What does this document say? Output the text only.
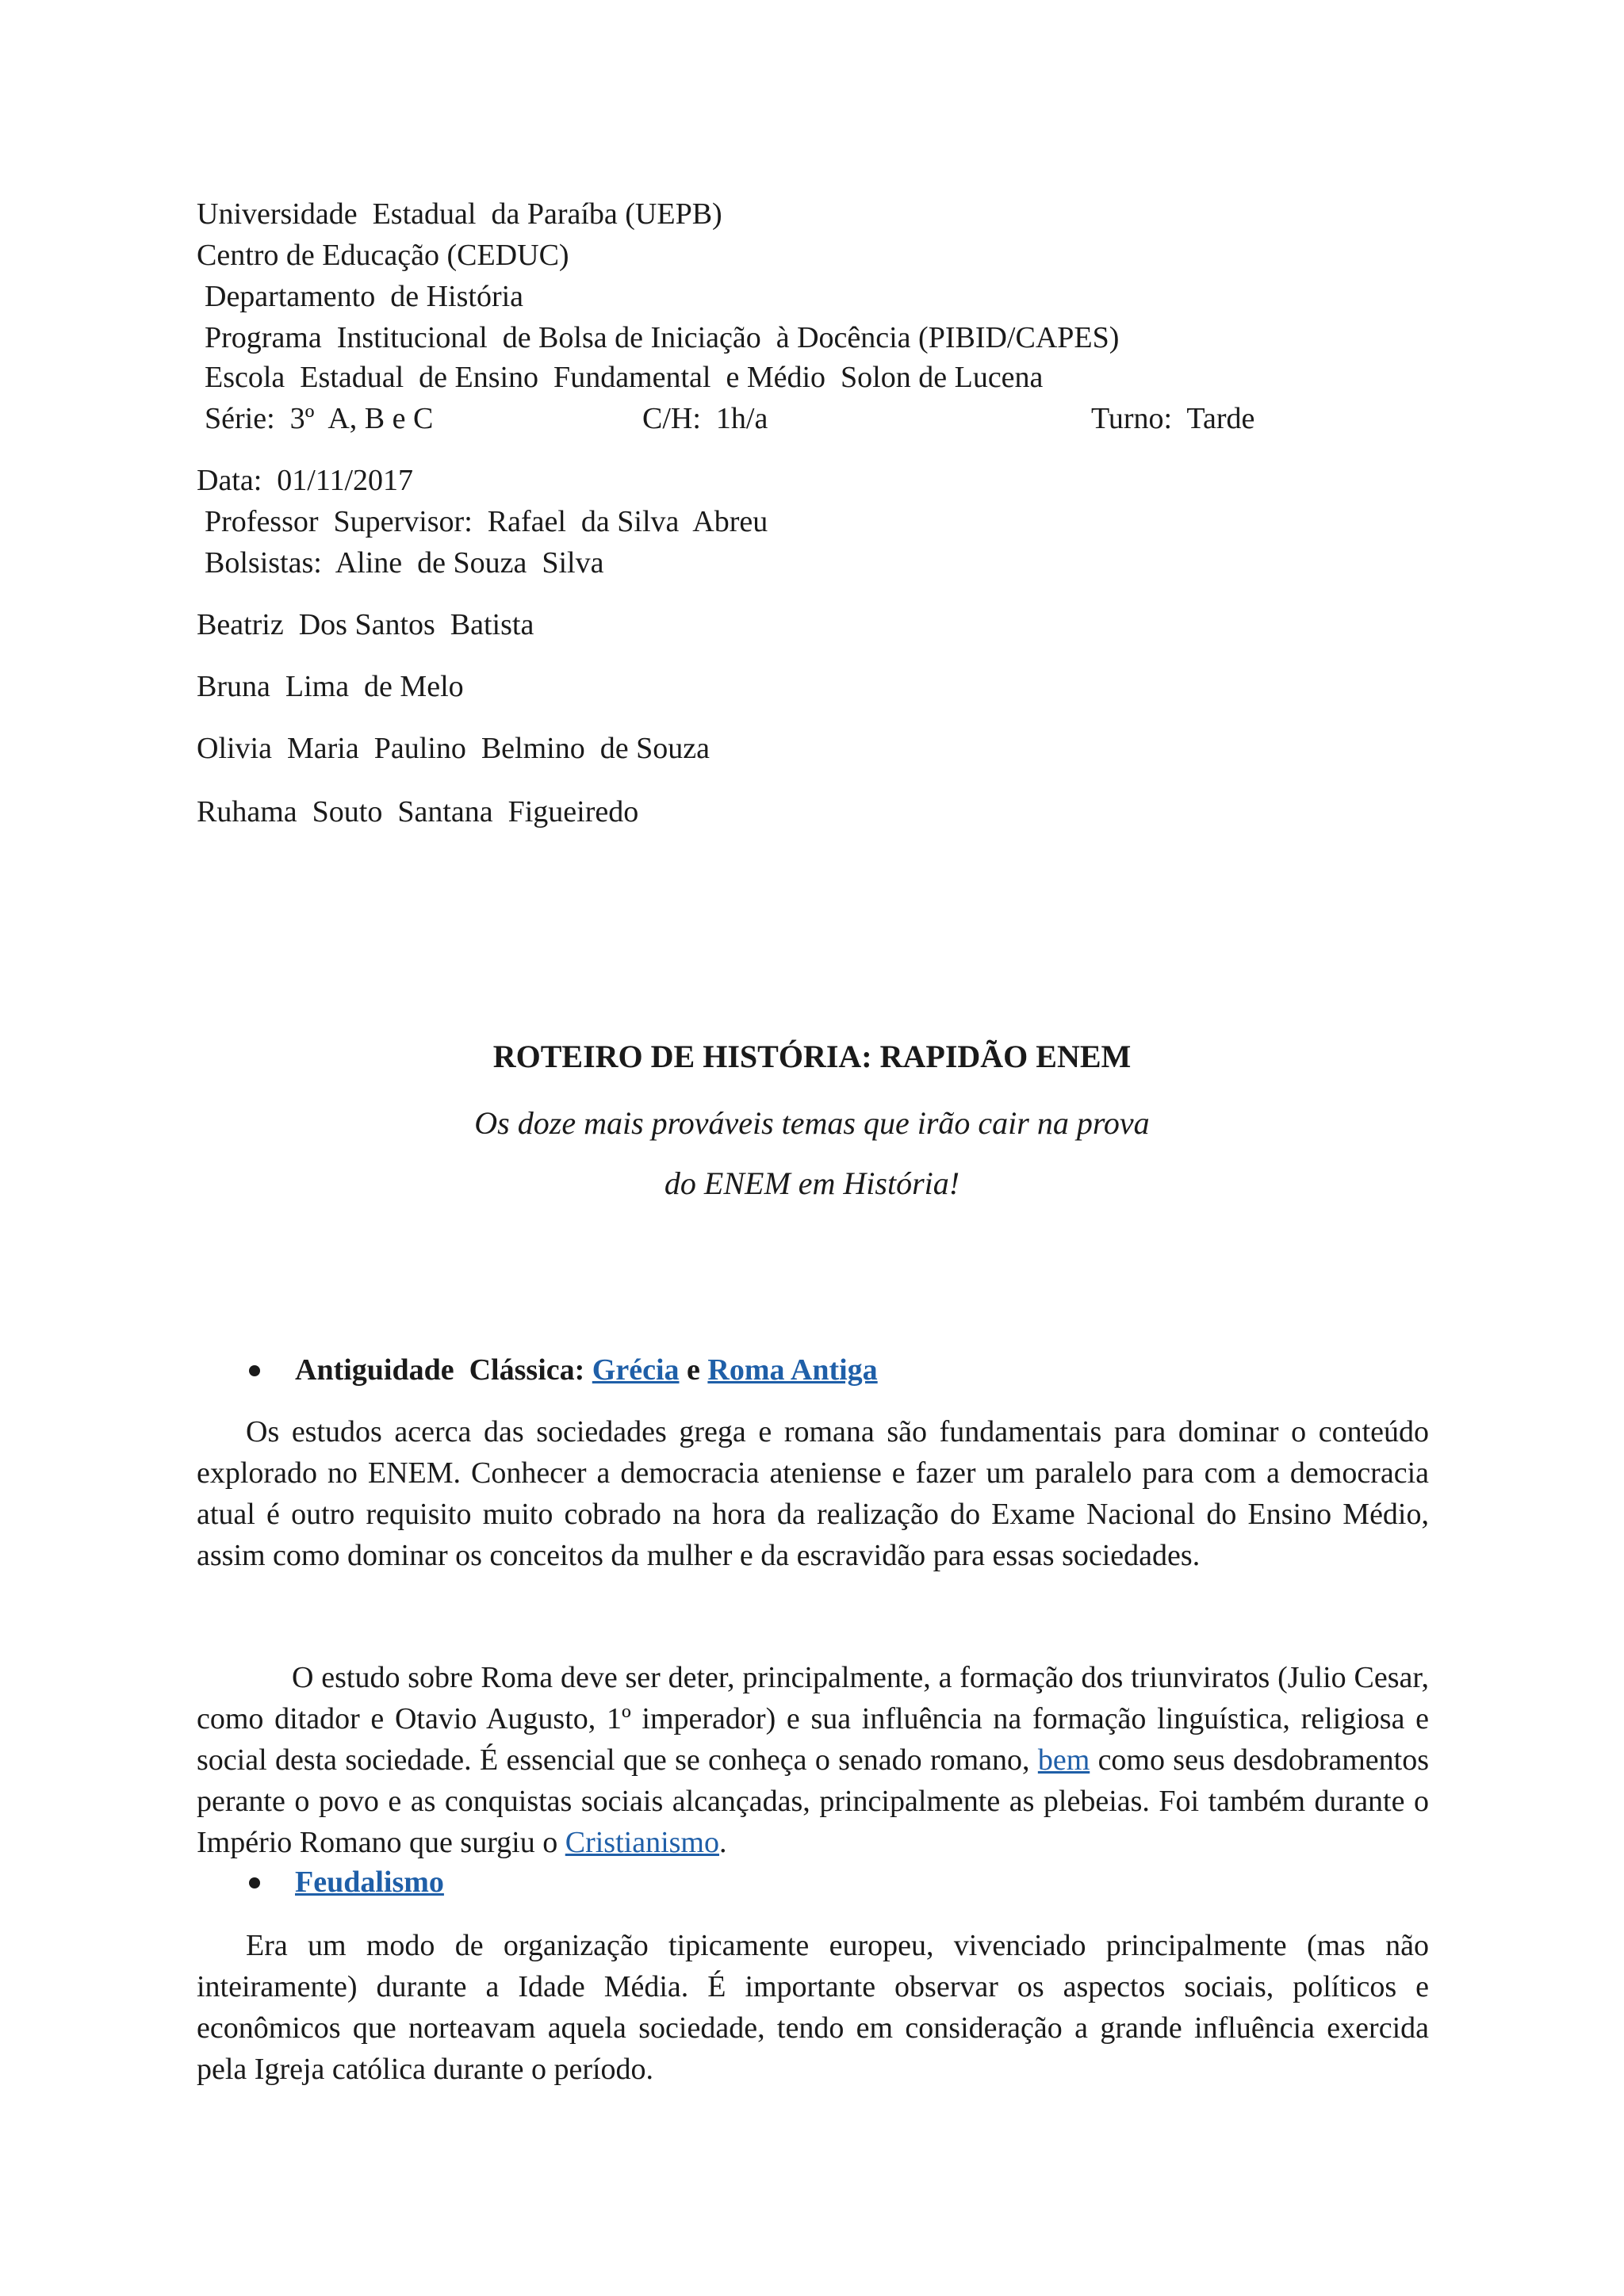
Universidade  Estadual  da Paraíba (UEPB)
Centro de Educação (CEDUC)
Departamento  de História
Programa  Institucional  de Bolsa de Iniciação  à Docência (PIBID/CAPES)
Escola  Estadual  de Ensino  Fundamental  e Médio  Solon de Lucena
Série:  3º  A, B e C	C/H:  1h/a	Turno:  Tarde
Data:  01/11/2017
Professor  Supervisor:  Rafael  da Silva  Abreu
Bolsistas:  Aline  de Souza  Silva
Beatriz  Dos Santos  Batista
Bruna  Lima  de Melo
Olivia  Maria  Paulino  Belmino  de Souza
Ruhama  Souto  Santana  Figueiredo
ROTEIRO DE HISTÓRIA: RAPIDÃO ENEM
Os doze mais prováveis temas que irão cair na prova
do ENEM em História!
Antiguidade  Clássica: Grécia e Roma Antiga
Os estudos acerca das sociedades grega e romana são fundamentais para dominar o conteúdo explorado no ENEM. Conhecer a democracia ateniense e fazer um paralelo para com a democracia atual é outro requisito muito cobrado na hora da realização do Exame Nacional do Ensino Médio, assim como dominar os conceitos da mulher e da escravidão para essas sociedades.
O estudo sobre Roma deve ser deter, principalmente, a formação dos triunviratos (Julio Cesar, como ditador e Otavio Augusto, 1º imperador) e sua influência na formação linguística, religiosa e social desta sociedade. É essencial que se conheça o senado romano, bem como seus desdobramentos perante o povo e as conquistas sociais alcançadas, principalmente as plebeias. Foi também durante o Império Romano que surgiu o Cristianismo.
Feudalismo
Era um modo de organização tipicamente europeu, vivenciado principalmente (mas não inteiramente) durante a Idade Média. É importante observar os aspectos sociais, políticos e econômicos que norteavam aquela sociedade, tendo em consideração a grande influência exercida pela Igreja católica durante o período.
